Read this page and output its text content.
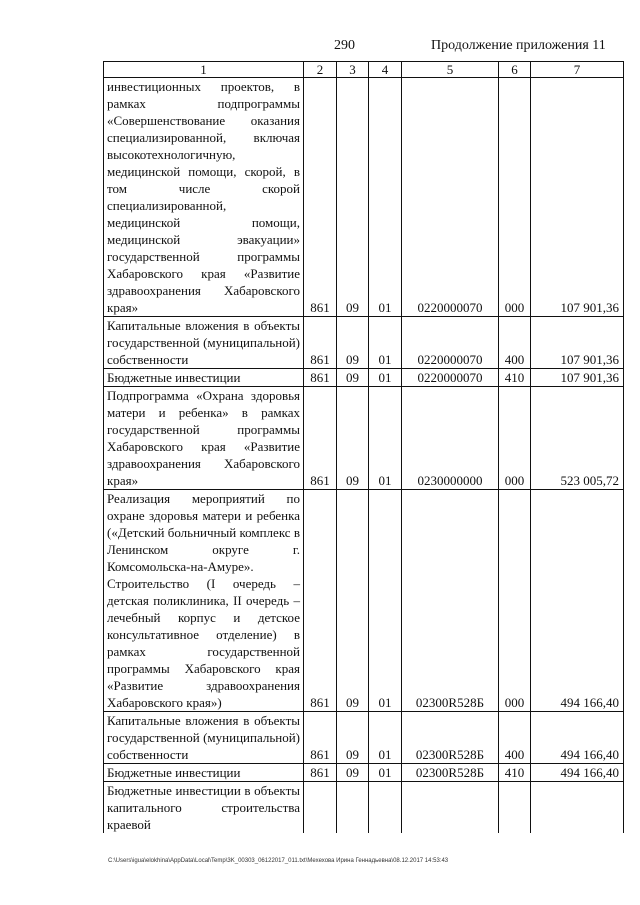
290	Продолжение приложения 11
1	2	3	4	5	6	7
инвестиционных проектов, в рамках подпрограммы «Совершенствование оказания специализированной, включая высокотехнологичную, медицинской помощи, скорой, в том числе скорой специализированной, медицинской помощи, медицинской эвакуации» государственной программы Хабаровского края «Развитие здравоохранения Хабаровского края»	861	09	01	0220000070	000	107 901,36
Капитальные вложения в объекты государственной (муниципальной) собственности	861	09	01	0220000070	400	107 901,36
Бюджетные инвестиции	861	09	01	0220000070	410	107 901,36
Подпрограмма «Охрана здоровья матери и ребенка» в рамках государственной программы Хабаровского края «Развитие здравоохранения Хабаровского края»	861	09	01	0230000000	000	523 005,72
Реализация мероприятий по охране здоровья матери и ребенка («Детский больничный комплекс в Ленинском округе г. Комсомольска-на-Амуре». Строительство (I очередь – детская поликлиника, II очередь – лечебный корпус и детское консультативное отделение) в рамках государственной программы Хабаровского края «Развитие здравоохранения Хабаровского края»)	861	09	01	02300R528Б	000	494 166,40
Капитальные вложения в объекты государственной (муниципальной) собственности	861	09	01	02300R528Б	400	494 166,40
Бюджетные инвестиции	861	09	01	02300R528Б	410	494 166,40
Бюджетные инвестиции в объекты капитального строительства краевой						
C:\Users\igua\elokhina\AppData\Local\Temp\3K_00303_06122017_011.txt\Мехехова Ирина Геннадьевна\08.12.2017 14:53:43
